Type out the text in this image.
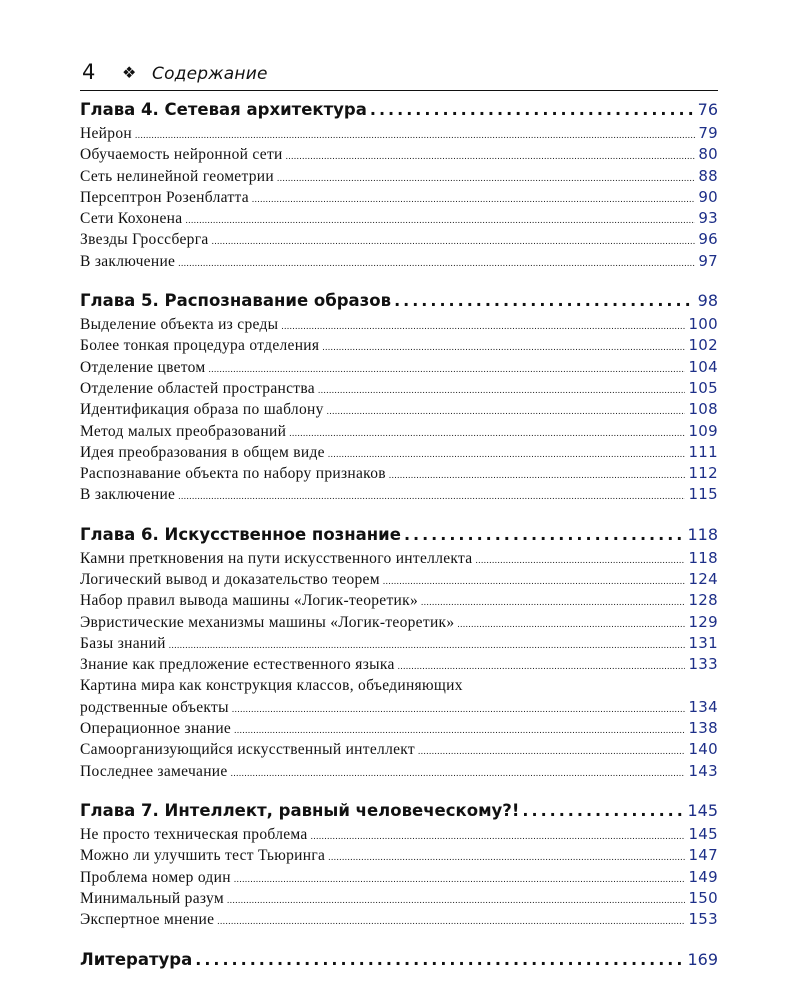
4 ❖ Содержание
Глава 4. Сетевая архитектура .....	76
Нейрон .....	79
Обучаемость нейронной сети .....	80
Сеть нелинейной геометрии .....	88
Персептрон Розенблатта .....	90
Сети Кохонена .....	93
Звезды Гроссберга .....	96
В заключение .....	97
Глава 5. Распознавание образов .....	98
Выделение объекта из среды .....	100
Более тонкая процедура отделения .....	102
Отделение цветом .....	104
Отделение областей пространства .....	105
Идентификация образа по шаблону .....	108
Метод малых преобразований .....	109
Идея преобразования в общем виде .....	111
Распознавание объекта по набору признаков .....	112
В заключение .....	115
Глава 6. Искусственное познание .....	118
Камни преткновения на пути искусственного интеллекта .....	118
Логический вывод и доказательство теорем .....	124
Набор правил вывода машины «Логик-теоретик» .....	128
Эвристические механизмы машины «Логик-теоретик» .....	129
Базы знаний .....	131
Знание как предложение естественного языка .....	133
Картина мира как конструкция классов, объединяющих
родственные объекты .....	134
Операционное знание .....	138
Самоорганизующийся искусственный интеллект .....	140
Последнее замечание .....	143
Глава 7. Интеллект, равный человеческому?! .....	145
Не просто техническая проблема .....	145
Можно ли улучшить тест Тьюринга .....	147
Проблема номер один .....	149
Минимальный разум .....	150
Экспертное мнение .....	153
Литература .....	169
